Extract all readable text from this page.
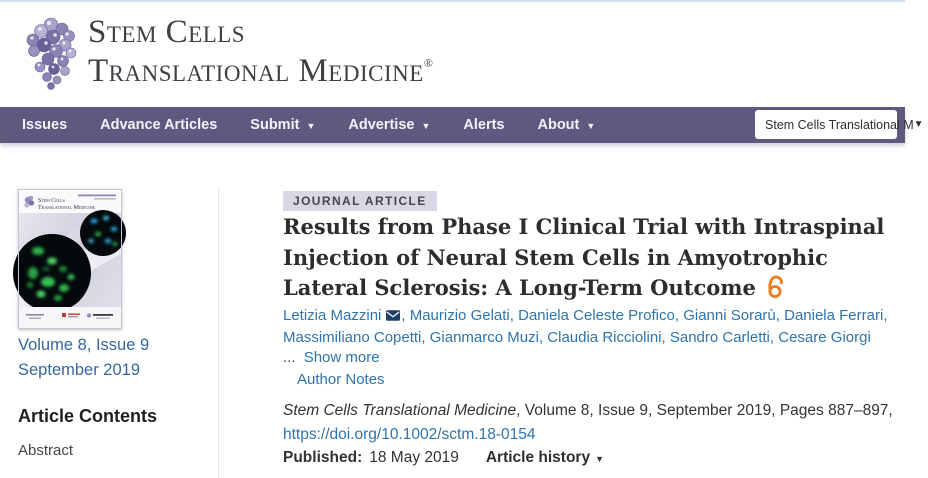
Stem Cells
Translational Medicine®
Issues Advance Articles Submit ▼ Advertise ▼ Alerts About ▼	Stem Cells Translational M ▼
Stem Cells
Translational Medicine
Volume 8, Issue 9
September 2019
Article Contents
Abstract
JOURNAL ARTICLE
Results from Phase I Clinical Trial with Intraspinal
Injection of Neural Stem Cells in Amyotrophic
Lateral Sclerosis: A Long-Term Outcome

Letizia Mazzini , Maurizio Gelati, Daniela Celeste Profico, Gianni Sorarù, Daniela Ferrari,
Massimiliano Copetti, Gianmarco Muzi, Claudia Ricciolini, Sandro Carletti, Cesare Giorgi

... Show more
Author Notes
Stem Cells Translational Medicine, Volume 8, Issue 9, September 2019, Pages 887–897,
https://doi.org/10.1002/sctm.18-0154
Published: 18 May 2019 Article history ▼
